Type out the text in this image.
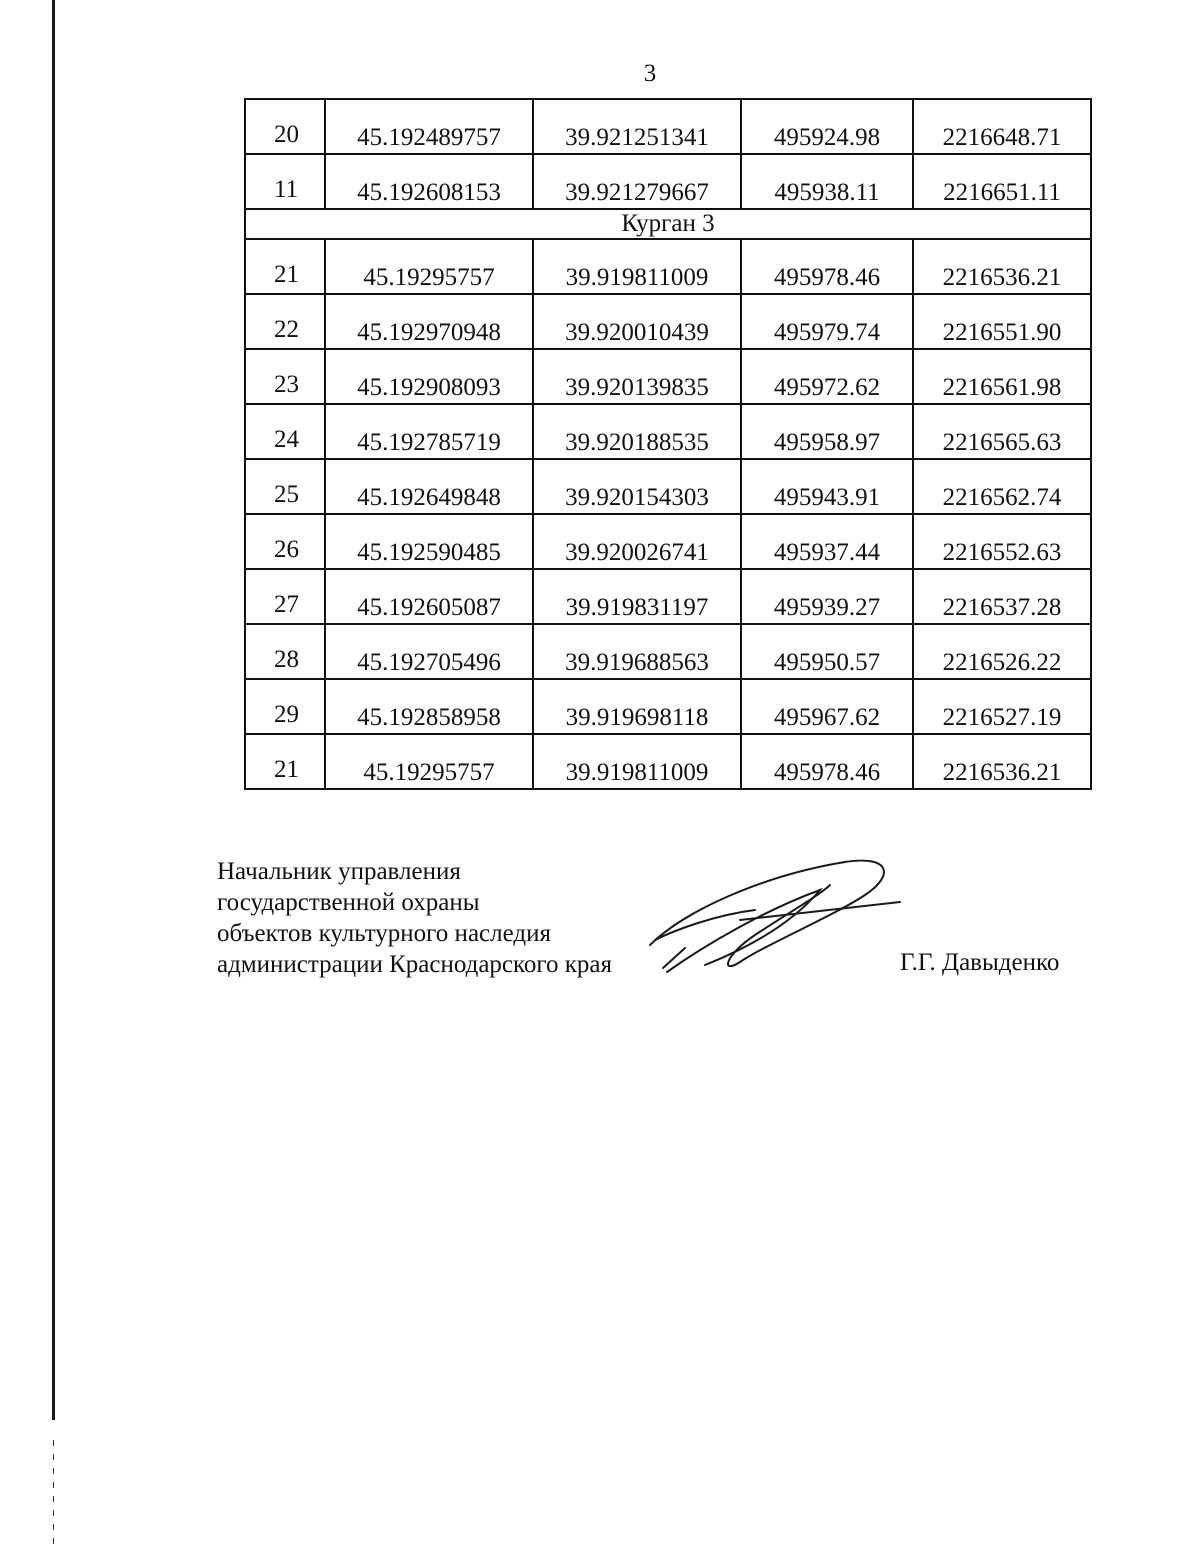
3
20	45.192489757	39.921251341	495924.98	2216648.71
11	45.192608153	39.921279667	495938.11	2216651.11
Курган 3				
21	45.19295757	39.919811009	495978.46	2216536.21
22	45.192970948	39.920010439	495979.74	2216551.90
23	45.192908093	39.920139835	495972.62	2216561.98
24	45.192785719	39.920188535	495958.97	2216565.63
25	45.192649848	39.920154303	495943.91	2216562.74
26	45.192590485	39.920026741	495937.44	2216552.63
27	45.192605087	39.919831197	495939.27	2216537.28
28	45.192705496	39.919688563	495950.57	2216526.22
29	45.192858958	39.919698118	495967.62	2216527.19
21	45.19295757	39.919811009	495978.46	2216536.21
Начальник управления
государственной охраны
объектов культурного наследия
администрации Краснодарского края	Г.Г. Давыденко
